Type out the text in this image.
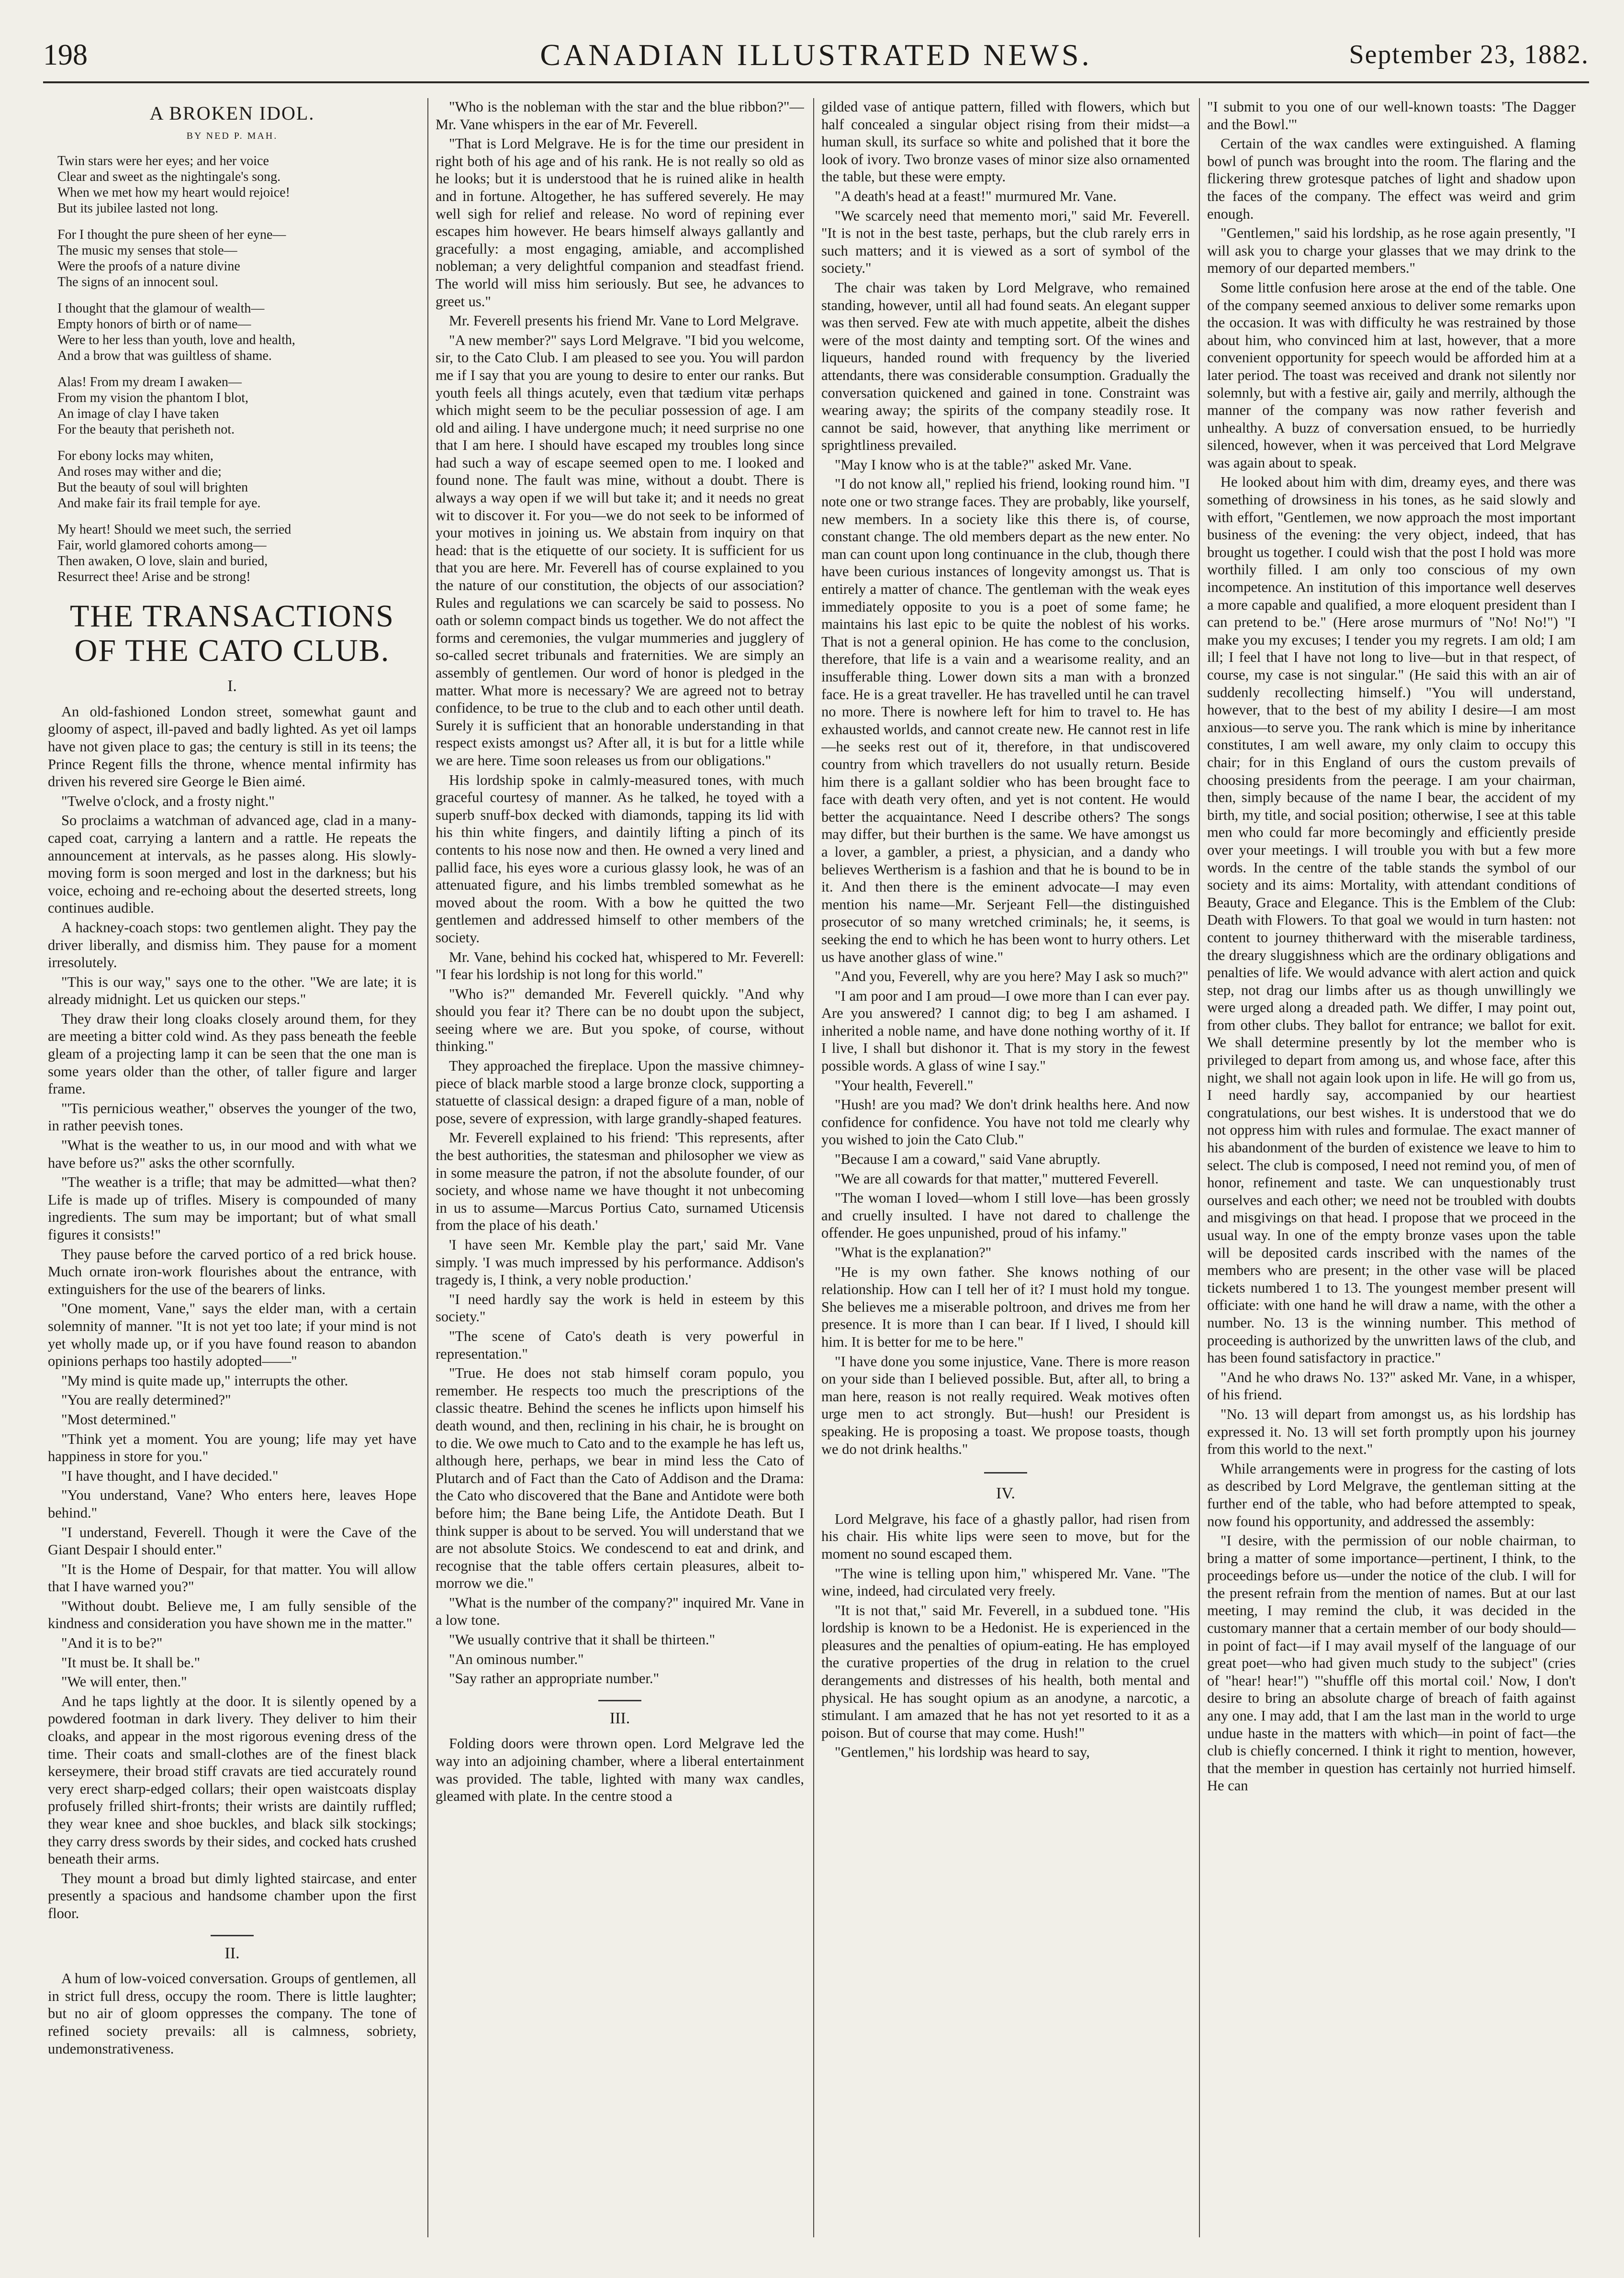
198	CANADIAN ILLUSTRATED NEWS.	September 23, 1882.
A BROKEN IDOL.
BY NED P. MAH.
Twin stars were her eyes; and her voice
Clear and sweet as the nightingale's song.
When we met how my heart would rejoice!
But its jubilee lasted not long.
For I thought the pure sheen of her eyne—
The music my senses that stole—
Were the proofs of a nature divine
The signs of an innocent soul.
I thought that the glamour of wealth—
Empty honors of birth or of name—
Were to her less than youth, love and health,
And a brow that was guiltless of shame.
Alas! From my dream I awaken—
From my vision the phantom I blot,
An image of clay I have taken
For the beauty that perisheth not.
For ebony locks may whiten,
And roses may wither and die;
But the beauty of soul will brighten
And make fair its frail temple for aye.
My heart! Should we meet such, the serried
Fair, world glamored cohorts among—
Then awaken, O love, slain and buried,
Resurrect thee! Arise and be strong!
THE TRANSACTIONS OF THE CATO CLUB.
I.

An old-fashioned London street, somewhat gaunt and gloomy of aspect, ill-paved and badly lighted. As yet oil lamps have not given place to gas; the century is still in its teens; the Prince Regent fills the throne, whence mental infirmity has driven his revered sire George le Bien aimé.

"Twelve o'clock, and a frosty night."

So proclaims a watchman of advanced age, clad in a many-caped coat, carrying a lantern and a rattle. He repeats the announcement at intervals, as he passes along. His slowly-moving form is soon merged and lost in the darkness; but his voice, echoing and re-echoing about the deserted streets, long continues audible.

A hackney-coach stops: two gentlemen alight. They pay the driver liberally, and dismiss him. They pause for a moment irresolutely.

"This is our way," says one to the other. "We are late; it is already midnight. Let us quicken our steps."

They draw their long cloaks closely around them, for they are meeting a bitter cold wind. As they pass beneath the feeble gleam of a projecting lamp it can be seen that the one man is some years older than the other, of taller figure and larger frame.

"'Tis pernicious weather," observes the younger of the two, in rather peevish tones.

"What is the weather to us, in our mood and with what we have before us?" asks the other scornfully.

"The weather is a trifle; that may be admitted—what then? Life is made up of trifles. Misery is compounded of many ingredients. The sum may be important; but of what small figures it consists!"

They pause before the carved portico of a red brick house. Much ornate iron-work flourishes about the entrance, with extinguishers for the use of the bearers of links.

"One moment, Vane," says the elder man, with a certain solemnity of manner. "It is not yet too late; if your mind is not yet wholly made up, or if you have found reason to abandon opinions perhaps too hastily adopted——"

"My mind is quite made up," interrupts the other.

"You are really determined?"

"Most determined."

"Think yet a moment. You are young; life may yet have happiness in store for you."

"I have thought, and I have decided."

"You understand, Vane? Who enters here, leaves Hope behind."

"I understand, Feverell. Though it were the Cave of the Giant Despair I should enter."

"It is the Home of Despair, for that matter. You will allow that I have warned you?"

"Without doubt. Believe me, I am fully sensible of the kindness and consideration you have shown me in the matter."

"And it is to be?"

"It must be. It shall be."

"We will enter, then."

And he taps lightly at the door. It is silently opened by a powdered footman in dark livery. They deliver to him their cloaks, and appear in the most rigorous evening dress of the time. Their coats and small-clothes are of the finest black kerseymere, their broad stiff cravats are tied accurately round very erect sharp-edged collars; their open waistcoats display profusely frilled shirt-fronts; their wrists are daintily ruffled; they wear knee and shoe buckles, and black silk stockings; they carry dress swords by their sides, and cocked hats crushed beneath their arms.

They mount a broad but dimly lighted staircase, and enter presently a spacious and handsome chamber upon the first floor.

II.

A hum of low-voiced conversation. Groups of gentlemen, all in strict full dress, occupy the room. There is little laughter; but no air of gloom oppresses the company. The tone of refined society prevails: all is calmness, sobriety, undemonstrativeness.

"Who is the nobleman with the star and the blue ribbon?"—Mr. Vane whispers in the ear of Mr. Feverell.

"That is Lord Melgrave. He is for the time our president in right both of his age and of his rank. He is not really so old as he looks; but it is understood that he is ruined alike in health and in fortune. Altogether, he has suffered severely. He may well sigh for relief and release. No word of repining ever escapes him however. He bears himself always gallantly and gracefully: a most engaging, amiable, and accomplished nobleman; a very delightful companion and steadfast friend. The world will miss him seriously. But see, he advances to greet us."

Mr. Feverell presents his friend Mr. Vane to Lord Melgrave.

"A new member?" says Lord Melgrave. "I bid you welcome, sir, to the Cato Club. I am pleased to see you. You will pardon me if I say that you are young to desire to enter our ranks. But youth feels all things acutely, even that tædium vitæ perhaps which might seem to be the peculiar possession of age. I am old and ailing. I have undergone much; it need surprise no one that I am here. I should have escaped my troubles long since had such a way of escape seemed open to me. I looked and found none. The fault was mine, without a doubt. There is always a way open if we will but take it; and it needs no great wit to discover it. For you—we do not seek to be informed of your motives in joining us. We abstain from inquiry on that head: that is the etiquette of our society. It is sufficient for us that you are here. Mr. Feverell has of course explained to you the nature of our constitution, the objects of our association? Rules and regulations we can scarcely be said to possess. No oath or solemn compact binds us together. We do not affect the forms and ceremonies, the vulgar mummeries and jugglery of so-called secret tribunals and fraternities. We are simply an assembly of gentlemen. Our word of honor is pledged in the matter. What more is necessary? We are agreed not to betray confidence, to be true to the club and to each other until death. Surely it is sufficient that an honorable understanding in that respect exists amongst us? After all, it is but for a little while we are here. Time soon releases us from our obligations."

His lordship spoke in calmly-measured tones, with much graceful courtesy of manner. As he talked, he toyed with a superb snuff-box decked with diamonds, tapping its lid with his thin white fingers, and daintily lifting a pinch of its contents to his nose now and then. He owned a very lined and pallid face, his eyes wore a curious glassy look, he was of an attenuated figure, and his limbs trembled somewhat as he moved about the room. With a bow he quitted the two gentlemen and addressed himself to other members of the society.

Mr. Vane, behind his cocked hat, whispered to Mr. Feverell: "I fear his lordship is not long for this world."

"Who is?" demanded Mr. Feverell quickly. "And why should you fear it? There can be no doubt upon the subject, seeing where we are. But you spoke, of course, without thinking."

They approached the fireplace. Upon the massive chimney-piece of black marble stood a large bronze clock, supporting a statuette of classical design: a draped figure of a man, noble of pose, severe of expression, with large grandly-shaped features.

Mr. Feverell explained to his friend: 'This represents, after the best authorities, the statesman and philosopher we view as in some measure the patron, if not the absolute founder, of our society, and whose name we have thought it not unbecoming in us to assume—Marcus Portius Cato, surnamed Uticensis from the place of his death.'

'I have seen Mr. Kemble play the part,' said Mr. Vane simply. 'I was much impressed by his performance. Addison's tragedy is, I think, a very noble production.'

"I need hardly say the work is held in esteem by this society."

"The scene of Cato's death is very powerful in representation."

"True. He does not stab himself coram populo, you remember. He respects too much the prescriptions of the classic theatre. Behind the scenes he inflicts upon himself his death wound, and then, reclining in his chair, he is brought on to die. We owe much to Cato and to the example he has left us, although here, perhaps, we bear in mind less the Cato of Plutarch and of Fact than the Cato of Addison and the Drama: the Cato who discovered that the Bane and Antidote were both before him; the Bane being Life, the Antidote Death. But I think supper is about to be served. You will understand that we are not absolute Stoics. We condescend to eat and drink, and recognise that the table offers certain pleasures, albeit to-morrow we die."

"What is the number of the company?" inquired Mr. Vane in a low tone.

"We usually contrive that it shall be thirteen."

"An ominous number."

"Say rather an appropriate number."

III.

Folding doors were thrown open. Lord Melgrave led the way into an adjoining chamber, where a liberal entertainment was provided. The table, lighted with many wax candles, gleamed with plate. In the centre stood a

gilded vase of antique pattern, filled with flowers, which but half concealed a singular object rising from their midst—a human skull, its surface so white and polished that it bore the look of ivory. Two bronze vases of minor size also ornamented the table, but these were empty.

"A death's head at a feast!" murmured Mr. Vane.

"We scarcely need that memento mori," said Mr. Feverell. "It is not in the best taste, perhaps, but the club rarely errs in such matters; and it is viewed as a sort of symbol of the society."

The chair was taken by Lord Melgrave, who remained standing, however, until all had found seats. An elegant supper was then served. Few ate with much appetite, albeit the dishes were of the most dainty and tempting sort. Of the wines and liqueurs, handed round with frequency by the liveried attendants, there was considerable consumption. Gradually the conversation quickened and gained in tone. Constraint was wearing away; the spirits of the company steadily rose. It cannot be said, however, that anything like merriment or sprightliness prevailed.

"May I know who is at the table?" asked Mr. Vane.

"I do not know all," replied his friend, looking round him. "I note one or two strange faces. They are probably, like yourself, new members. In a society like this there is, of course, constant change. The old members depart as the new enter. No man can count upon long continuance in the club, though there have been curious instances of longevity amongst us. That is entirely a matter of chance. The gentleman with the weak eyes immediately opposite to you is a poet of some fame; he maintains his last epic to be quite the noblest of his works. That is not a general opinion. He has come to the conclusion, therefore, that life is a vain and a wearisome reality, and an insufferable thing. Lower down sits a man with a bronzed face. He is a great traveller. He has travelled until he can travel no more. There is nowhere left for him to travel to. He has exhausted worlds, and cannot create new. He cannot rest in life—he seeks rest out of it, therefore, in that undiscovered country from which travellers do not usually return. Beside him there is a gallant soldier who has been brought face to face with death very often, and yet is not content. He would better the acquaintance. Need I describe others? The songs may differ, but their burthen is the same. We have amongst us a lover, a gambler, a priest, a physician, and a dandy who believes Wertherism is a fashion and that he is bound to be in it. And then there is the eminent advocate—I may even mention his name—Mr. Serjeant Fell—the distinguished prosecutor of so many wretched criminals; he, it seems, is seeking the end to which he has been wont to hurry others. Let us have another glass of wine."

"And you, Feverell, why are you here? May I ask so much?"

"I am poor and I am proud—I owe more than I can ever pay. Are you answered? I cannot dig; to beg I am ashamed. I inherited a noble name, and have done nothing worthy of it. If I live, I shall but dishonor it. That is my story in the fewest possible words. A glass of wine I say."

"Your health, Feverell."

"Hush! are you mad? We don't drink healths here. And now confidence for confidence. You have not told me clearly why you wished to join the Cato Club."

"Because I am a coward," said Vane abruptly.

"We are all cowards for that matter," muttered Feverell.

"The woman I loved—whom I still love—has been grossly and cruelly insulted. I have not dared to challenge the offender. He goes unpunished, proud of his infamy."

"What is the explanation?"

"He is my own father. She knows nothing of our relationship. How can I tell her of it? I must hold my tongue. She believes me a miserable poltroon, and drives me from her presence. It is more than I can bear. If I lived, I should kill him. It is better for me to be here."

"I have done you some injustice, Vane. There is more reason on your side than I believed possible. But, after all, to bring a man here, reason is not really required. Weak motives often urge men to act strongly. But—hush! our President is speaking. He is proposing a toast. We propose toasts, though we do not drink healths."

IV.

Lord Melgrave, his face of a ghastly pallor, had risen from his chair. His white lips were seen to move, but for the moment no sound escaped them.

"The wine is telling upon him," whispered Mr. Vane. "The wine, indeed, had circulated very freely.

"It is not that," said Mr. Feverell, in a subdued tone. "His lordship is known to be a Hedonist. He is experienced in the pleasures and the penalties of opium-eating. He has employed the curative properties of the drug in relation to the cruel derangements and distresses of his health, both mental and physical. He has sought opium as an anodyne, a narcotic, a stimulant. I am amazed that he has not yet resorted to it as a poison. But of course that may come. Hush!"

"Gentlemen," his lordship was heard to say,

"I submit to you one of our well-known toasts: 'The Dagger and the Bowl.'"

Certain of the wax candles were extinguished. A flaming bowl of punch was brought into the room. The flaring and the flickering threw grotesque patches of light and shadow upon the faces of the company. The effect was weird and grim enough.

"Gentlemen," said his lordship, as he rose again presently, "I will ask you to charge your glasses that we may drink to the memory of our departed members."

Some little confusion here arose at the end of the table. One of the company seemed anxious to deliver some remarks upon the occasion. It was with difficulty he was restrained by those about him, who convinced him at last, however, that a more convenient opportunity for speech would be afforded him at a later period. The toast was received and drank not silently nor solemnly, but with a festive air, gaily and merrily, although the manner of the company was now rather feverish and unhealthy. A buzz of conversation ensued, to be hurriedly silenced, however, when it was perceived that Lord Melgrave was again about to speak.

He looked about him with dim, dreamy eyes, and there was something of drowsiness in his tones, as he said slowly and with effort, "Gentlemen, we now approach the most important business of the evening: the very object, indeed, that has brought us together. I could wish that the post I hold was more worthily filled. I am only too conscious of my own incompetence. An institution of this importance well deserves a more capable and qualified, a more eloquent president than I can pretend to be." (Here arose murmurs of "No! No!") "I make you my excuses; I tender you my regrets. I am old; I am ill; I feel that I have not long to live—but in that respect, of course, my case is not singular." (He said this with an air of suddenly recollecting himself.) "You will understand, however, that to the best of my ability I desire—I am most anxious—to serve you. The rank which is mine by inheritance constitutes, I am well aware, my only claim to occupy this chair; for in this England of ours the custom prevails of choosing presidents from the peerage. I am your chairman, then, simply because of the name I bear, the accident of my birth, my title, and social position; otherwise, I see at this table men who could far more becomingly and efficiently preside over your meetings. I will trouble you with but a few more words. In the centre of the table stands the symbol of our society and its aims: Mortality, with attendant conditions of Beauty, Grace and Elegance. This is the Emblem of the Club: Death with Flowers. To that goal we would in turn hasten: not content to journey thitherward with the miserable tardiness, the dreary sluggishness which are the ordinary obligations and penalties of life. We would advance with alert action and quick step, not drag our limbs after us as though unwillingly we were urged along a dreaded path. We differ, I may point out, from other clubs. They ballot for entrance; we ballot for exit. We shall determine presently by lot the member who is privileged to depart from among us, and whose face, after this night, we shall not again look upon in life. He will go from us, I need hardly say, accompanied by our heartiest congratulations, our best wishes. It is understood that we do not oppress him with rules and formulae. The exact manner of his abandonment of the burden of existence we leave to him to select. The club is composed, I need not remind you, of men of honor, refinement and taste. We can unquestionably trust ourselves and each other; we need not be troubled with doubts and misgivings on that head. I propose that we proceed in the usual way. In one of the empty bronze vases upon the table will be deposited cards inscribed with the names of the members who are present; in the other vase will be placed tickets numbered 1 to 13. The youngest member present will officiate: with one hand he will draw a name, with the other a number. No. 13 is the winning number. This method of proceeding is authorized by the unwritten laws of the club, and has been found satisfactory in practice."

"And he who draws No. 13?" asked Mr. Vane, in a whisper, of his friend.

"No. 13 will depart from amongst us, as his lordship has expressed it. No. 13 will set forth promptly upon his journey from this world to the next."

While arrangements were in progress for the casting of lots as described by Lord Melgrave, the gentleman sitting at the further end of the table, who had before attempted to speak, now found his opportunity, and addressed the assembly:

"I desire, with the permission of our noble chairman, to bring a matter of some importance—pertinent, I think, to the proceedings before us—under the notice of the club. I will for the present refrain from the mention of names. But at our last meeting, I may remind the club, it was decided in the customary manner that a certain member of our body should—in point of fact—if I may avail myself of the language of our great poet—who had given much study to the subject" (cries of "hear! hear!") "'shuffle off this mortal coil.' Now, I don't desire to bring an absolute charge of breach of faith against any one. I may add, that I am the last man in the world to urge undue haste in the matters with which—in point of fact—the club is chiefly concerned. I think it right to mention, however, that the member in question has certainly not hurried himself. He can
